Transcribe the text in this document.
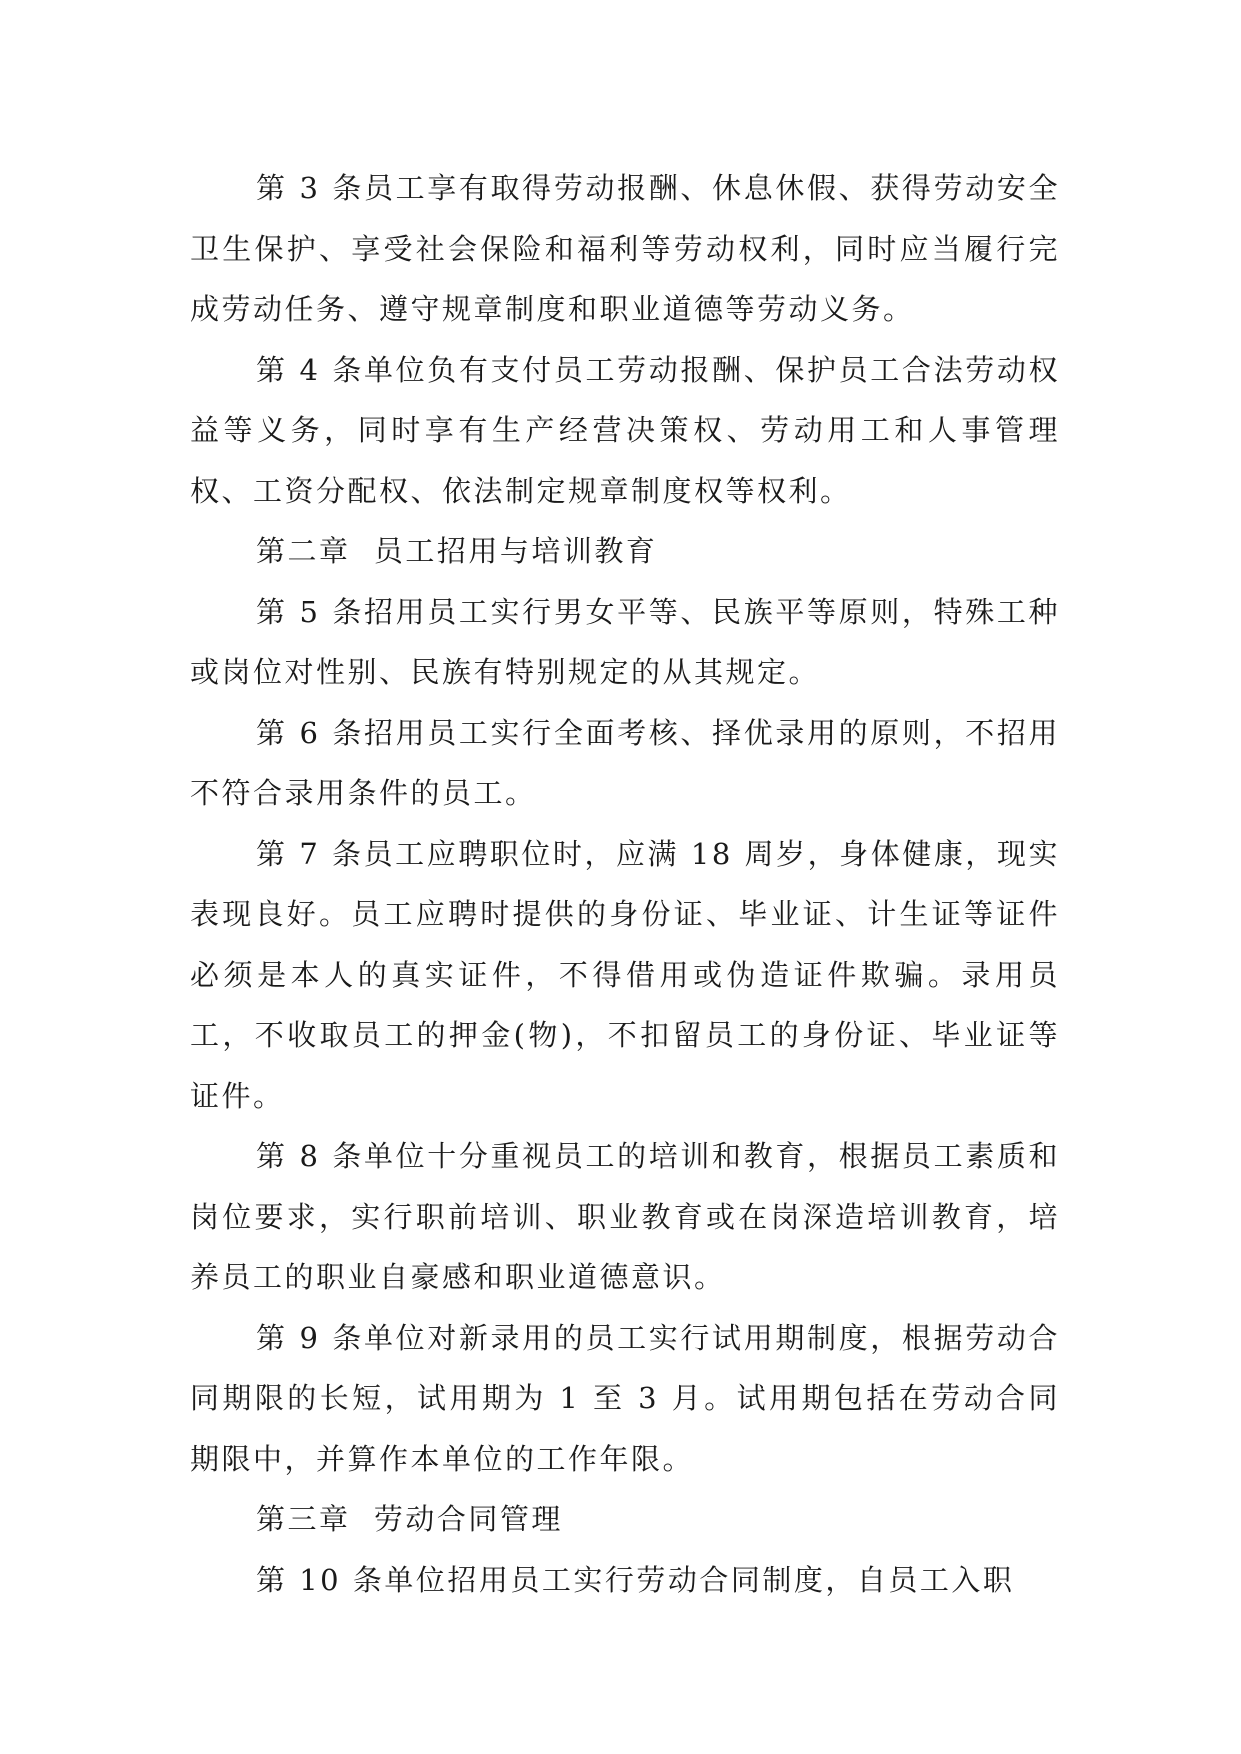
第 3 条员工享有取得劳动报酬、休息休假、获得劳动安全卫生保护、享受社会保险和福利等劳动权利，同时应当履行完成劳动任务、遵守规章制度和职业道德等劳动义务。

第 4 条单位负有支付员工劳动报酬、保护员工合法劳动权益等义务，同时享有生产经营决策权、劳动用工和人事管理权、工资分配权、依法制定规章制度权等权利。

第二章  员工招用与培训教育

第 5 条招用员工实行男女平等、民族平等原则，特殊工种或岗位对性别、民族有特别规定的从其规定。

第 6 条招用员工实行全面考核、择优录用的原则，不招用不符合录用条件的员工。

第 7 条员工应聘职位时，应满 18 周岁，身体健康，现实表现良好。员工应聘时提供的身份证、毕业证、计生证等证件必须是本人的真实证件，不得借用或伪造证件欺骗。录用员工，不收取员工的押金(物)，不扣留员工的身份证、毕业证等证件。

第 8 条单位十分重视员工的培训和教育，根据员工素质和岗位要求，实行职前培训、职业教育或在岗深造培训教育，培养员工的职业自豪感和职业道德意识。

第 9 条单位对新录用的员工实行试用期制度，根据劳动合同期限的长短，试用期为 1 至 3 月。试用期包括在劳动合同期限中，并算作本单位的工作年限。

第三章  劳动合同管理

第 10 条单位招用员工实行劳动合同制度，自员工入职
